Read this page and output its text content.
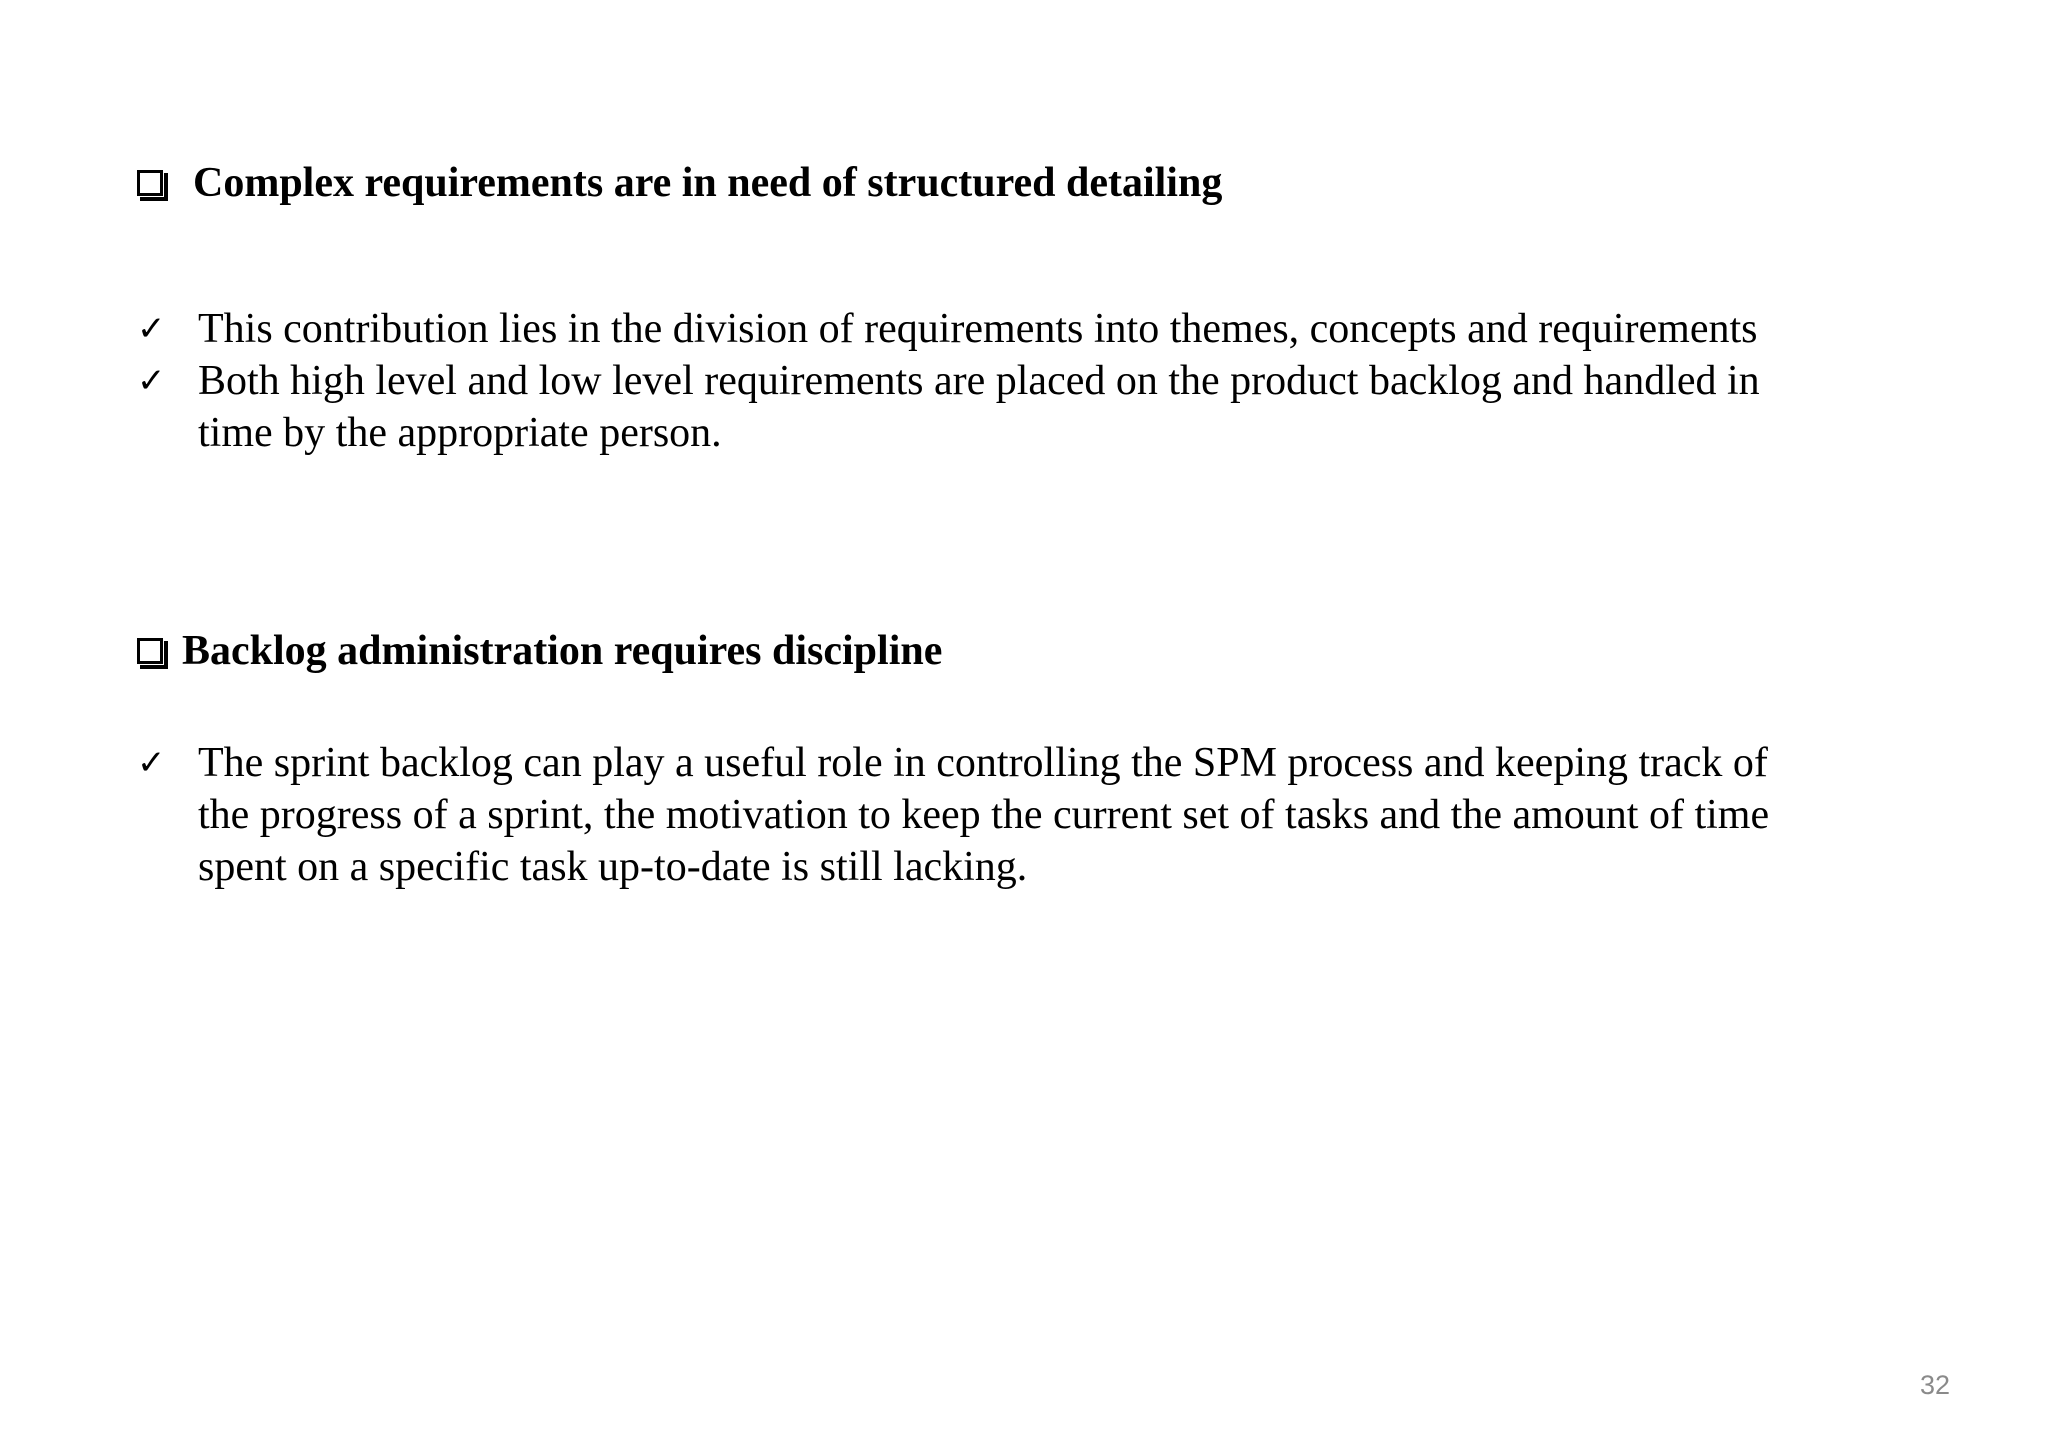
Complex requirements are in need of structured detailing
✓ This contribution lies in the division of requirements into themes, concepts and requirements
✓ Both high level and low level requirements are placed on the product backlog and handled in time by the appropriate person.
Backlog administration requires discipline
✓ The sprint backlog can play a useful role in controlling the SPM process and keeping track of the progress of a sprint, the motivation to keep the current set of tasks and the amount of time spent on a specific task up-to-date is still lacking.
32
